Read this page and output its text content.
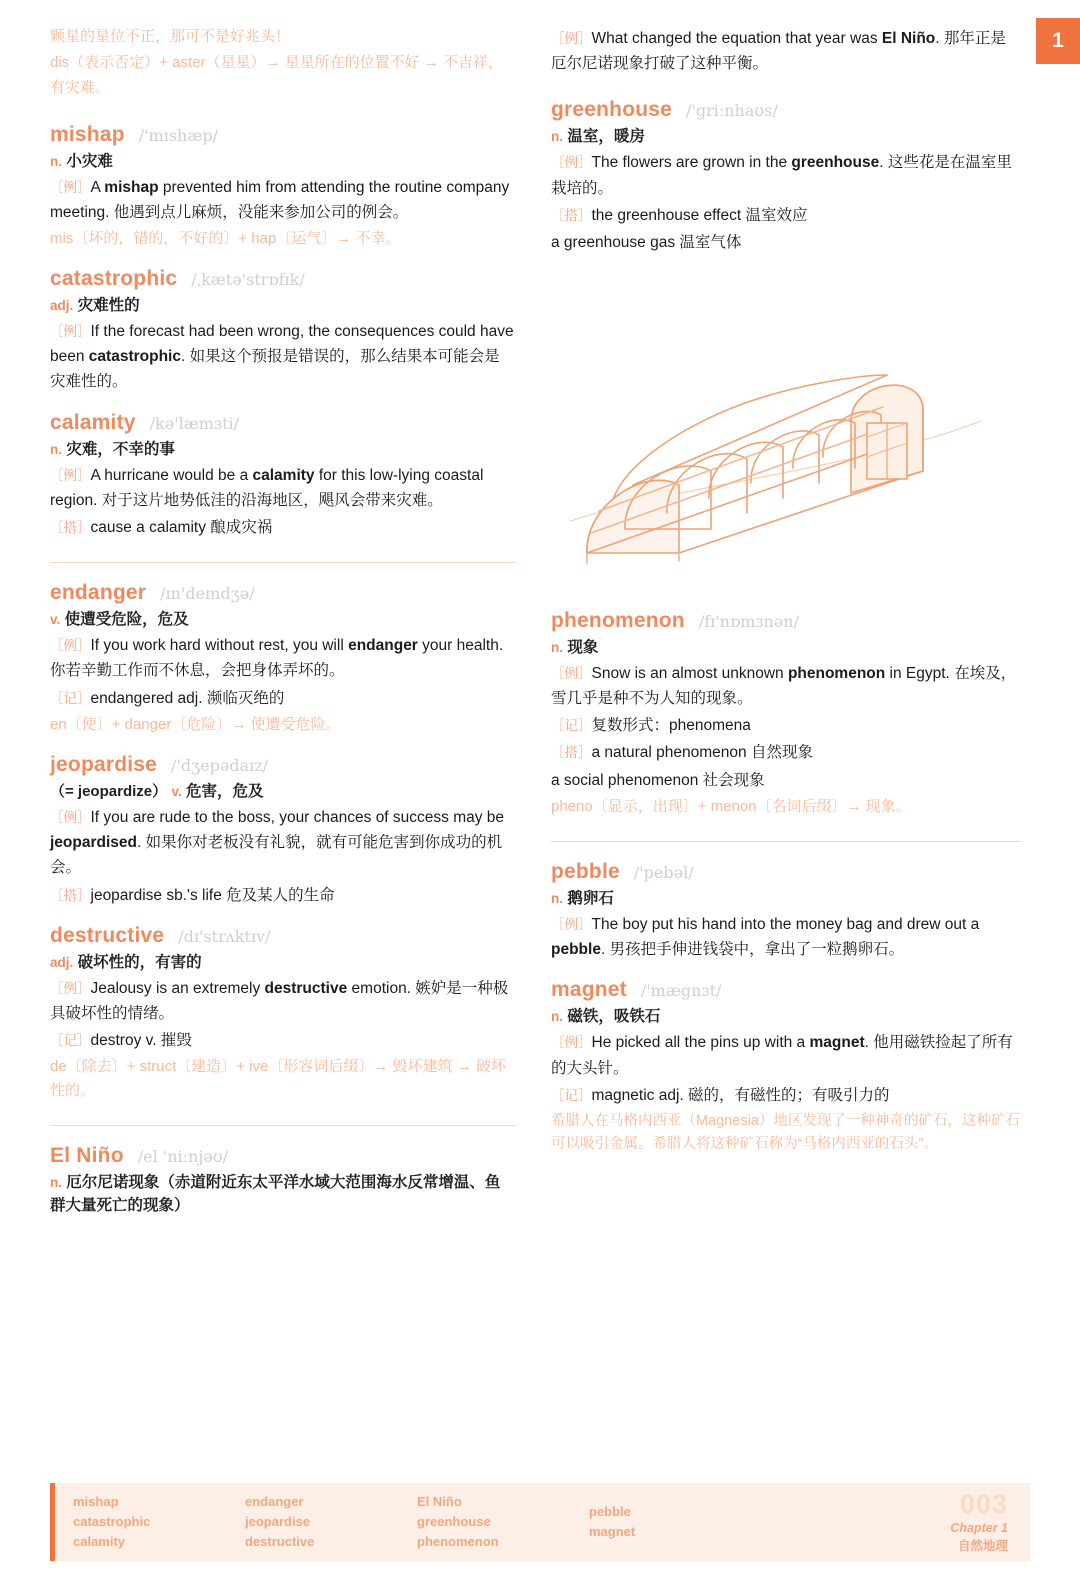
1
颗星的星位不正，那可不是好兆头！
dis（表示否定）+ aster（星星）→ 星星所在的位置不好 → 不吉祥，有灾难。
mishap /'mɪshæp/
n. 小灾难
［例］A mishap prevented him from attending the routine company meeting. 他遇到点儿麻烦，没能来参加公司的例会。
mis〔坏的，错的，不好的〕+ hap〔运气〕→ 不幸。
catastrophic /ˌkætə'strɒfɪk/
adj. 灾难性的
［例］If the forecast had been wrong, the consequences could have been catastrophic. 如果这个预报是错误的，那么结果本可能会是灾难性的。
calamity /kə'læmɜti/
n. 灾难，不幸的事
［例］A hurricane would be a calamity for this low-lying coastal region. 对于这片地势低洼的沿海地区，飓风会带来灾难。
［搭］cause a calamity 酿成灾祸
endanger /ɪn'deɪndʒə/
v. 使遭受危险，危及
［例］If you work hard without rest, you will endanger your health. 你若辛勤工作而不休息，会把身体弄坏的。
［记］endangered adj. 濒临灭绝的
en〔使〕+ danger〔危险〕→ 使遭受危险。
jeopardise /'dʒepədaɪz/
（= jeopardize） v. 危害，危及
［例］If you are rude to the boss, your chances of success may be jeopardised. 如果你对老板没有礼貌，就有可能危害到你成功的机会。
［搭］jeopardise sb.'s life 危及某人的生命
destructive /dɪ'strʌktɪv/
adj. 破坏性的，有害的
［例］Jealousy is an extremely destructive emotion. 嫉妒是一种极具破坏性的情绪。
［记］destroy v. 摧毁
de〔除去〕+ struct〔建造〕+ ive〔形容词后缀〕→ 毁坏建筑 → 破坏性的。
El Niño /el 'niːnjəʊ/
n. 厄尔尼诺现象（赤道附近东太平洋水域大范围海水反常增温、鱼群大量死亡的现象）
［例］What changed the equation that year was El Niño. 那年正是厄尔尼诺现象打破了这种平衡。
greenhouse /'griːnhaʊs/
n. 温室，暖房
［例］The flowers are grown in the greenhouse. 这些花是在温室里栽培的。
［搭］the greenhouse effect 温室效应
a greenhouse gas 温室气体
phenomenon /fɪ'nɒmɜnən/
n. 现象
［例］Snow is an almost unknown phenomenon in Egypt. 在埃及，雪几乎是种不为人知的现象。
［记］复数形式：phenomena
［搭］a natural phenomenon 自然现象
a social phenomenon 社会现象
pheno〔显示，出现〕+ menon〔名词后缀〕→ 现象。
pebble /'pebəl/
n. 鹅卵石
［例］The boy put his hand into the money bag and drew out a pebble. 男孩把手伸进钱袋中，拿出了一粒鹅卵石。
magnet /'mægnɜt/
n. 磁铁，吸铁石
［例］He picked all the pins up with a magnet. 他用磁铁捡起了所有的大头针。
［记］magnetic adj. 磁的，有磁性的；有吸引力的
希腊人在马格内西亚（Magnesia）地区发现了一种神奇的矿石，这种矿石可以吸引金属。希腊人将这种矿石称为“马格内西亚的石头”。
mishap
catastrophic
calamity
endanger
jeopardise
destructive
El Niño
greenhouse
phenomenon
pebble
magnet
003
Chapter 1
自然地理
